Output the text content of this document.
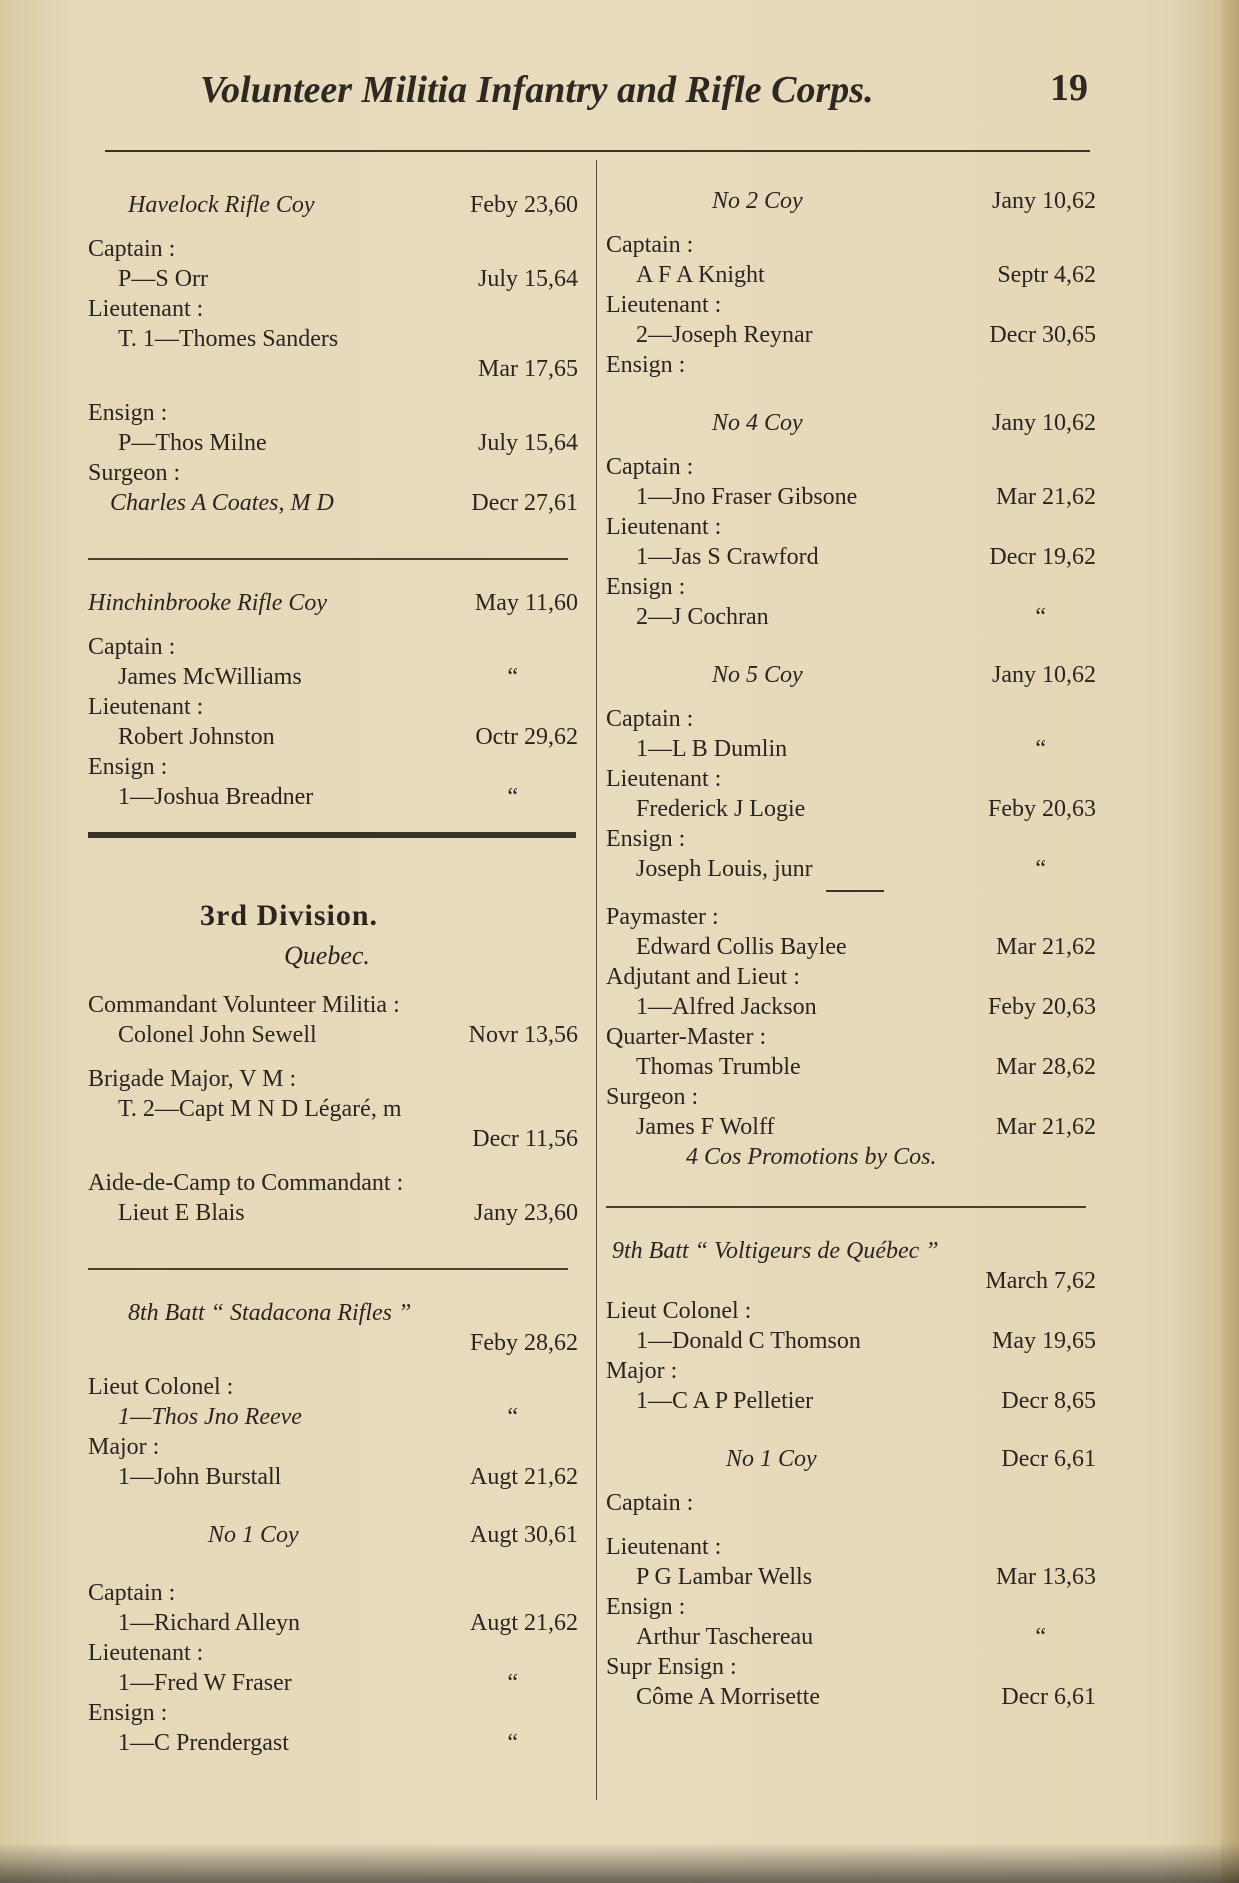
Volunteer Militia Infantry and Rifle Corps.	19
Havelock Rifle Coy	Feby 23,60
Captain :
P—S Orr	July 15,64
Lieutenant :
T. 1—Thomes Sanders
Mar 17,65
Ensign :
P—Thos Milne	July 15,64
Surgeon :
Charles A Coates, M D	Decr 27,61
Hinchinbrooke Rifle Coy	May 11,60
Captain :
James McWilliams	“
Lieutenant :
Robert Johnston	Octr 29,62
Ensign :
1—Joshua Breadner	“
3rd Division.
Quebec.
Commandant Volunteer Militia :
Colonel John Sewell	Novr 13,56
Brigade Major, V M :
T. 2—Capt M N D Légaré, m
Decr 11,56
Aide-de-Camp to Commandant :
Lieut E Blais	Jany 23,60
8th Batt “ Stadacona Rifles ”
Feby 28,62
Lieut Colonel :
1—Thos Jno Reeve	“
Major :
1—John Burstall	Augt 21,62
No 1 Coy	Augt 30,61
Captain :
1—Richard Alleyn	Augt 21,62
Lieutenant :
1—Fred W Fraser	“
Ensign :
1—C Prendergast	“
No 2 Coy	Jany 10,62
Captain :
A F A Knight	Septr 4,62
Lieutenant :
2—Joseph Reynar	Decr 30,65
Ensign :
No 4 Coy	Jany 10,62
Captain :
1—Jno Fraser Gibsone	Mar 21,62
Lieutenant :
1—Jas S Crawford	Decr 19,62
Ensign :
2—J Cochran	“
No 5 Coy	Jany 10,62
Captain :
1—L B Dumlin	“
Lieutenant :
Frederick J Logie	Feby 20,63
Ensign :
Joseph Louis, junr	“
Paymaster :
Edward Collis Baylee	Mar 21,62
Adjutant and Lieut :
1—Alfred Jackson	Feby 20,63
Quarter-Master :
Thomas Trumble	Mar 28,62
Surgeon :
James F Wolff	Mar 21,62
4 Cos Promotions by Cos.
9th Batt “ Voltigeurs de Québec ”
March 7,62
Lieut Colonel :
1—Donald C Thomson	May 19,65
Major :
1—C A P Pelletier	Decr 8,65
No 1 Coy	Decr 6,61
Captain :
Lieutenant :
P G Lambar Wells	Mar 13,63
Ensign :
Arthur Taschereau	“
Supr Ensign :
Côme A Morrisette	Decr 6,61
